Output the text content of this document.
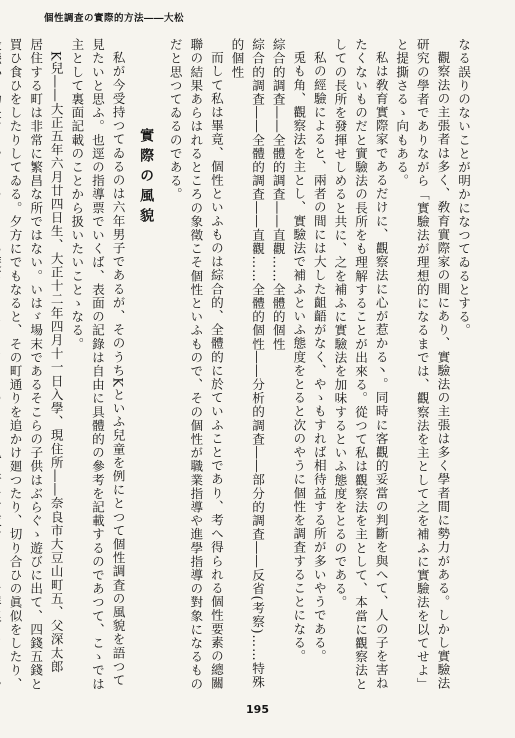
個性調査の實際的方法――大松

なる誤りのないことが明かになつてゐるとする。

觀察法の主張者は多く、敎育實際家の間にあり、實驗法の主張は多く學者間に勢力がある。しかし實驗法研究の學者でありながら「實驗法が理想的になるまでは、觀察法を主として之を補ふに實驗法を以てせよ」と提撕さるゝ向もある。

私は敎育實際家であるだけに、觀察法に心が惹かる丶。同時に客觀的妥當の判斷を與へて、人の子を害ねたくないものだと實驗法の長所をも理解することが出來る。從つて私は觀察法を主として、本當に觀察法としての長所を發揮せしめると共に、之を補ふに實驗法を加味するといふ態度をとるのである。

私の經驗によると、兩者の間には大した齟齬がなく、やゝもすれば相待益する所が多いやうである。

兎も角、觀察法を主とし、實驗法で補ふといふ態度をとると次のやうに個性を調査することになる。

綜合的調査――全體的調査――直觀……全體的個性

綜合的調査――全體的調査――直觀……全體的個性――分析的調査――部分的調査――反省(考察)……特殊的個性

而して私は畢竟、個性といふものは綜合的、全體的に於ていふことであり、考へ得られる個性要素の總關聯の結果あらはれるところの象徵こそ個性といふもので、その個性が職業指導や進學指導の對象になるものだと思つてゐるのである。

實際の風貌

私が今受持つてゐるのは六年男子であるが、そのうちKといふ兒童を例にとつて個性調査の風貌を語つて見たいと思ふ。也逕の指導票でいくば、表面の記錄は自由に具體的の參考を記載するのであつて、こゝでは主として裏面記載のことから扱いたいことゝなる。

K兒――大正五年六月廿四日生、大正十二年四月十一日入學、現住所――奈良市大豆山町五、父深太郎

居住する町は非常に繁昌な所ではない。いはゞ場末であるそこらの子供はぶらぐゝ遊びに出て、四錢五錢と買ひ食ひをしたりしてゐる。夕方にでもなると、その町通りを追かけ廻つたり、切り合ひの眞似をしたり、

195
